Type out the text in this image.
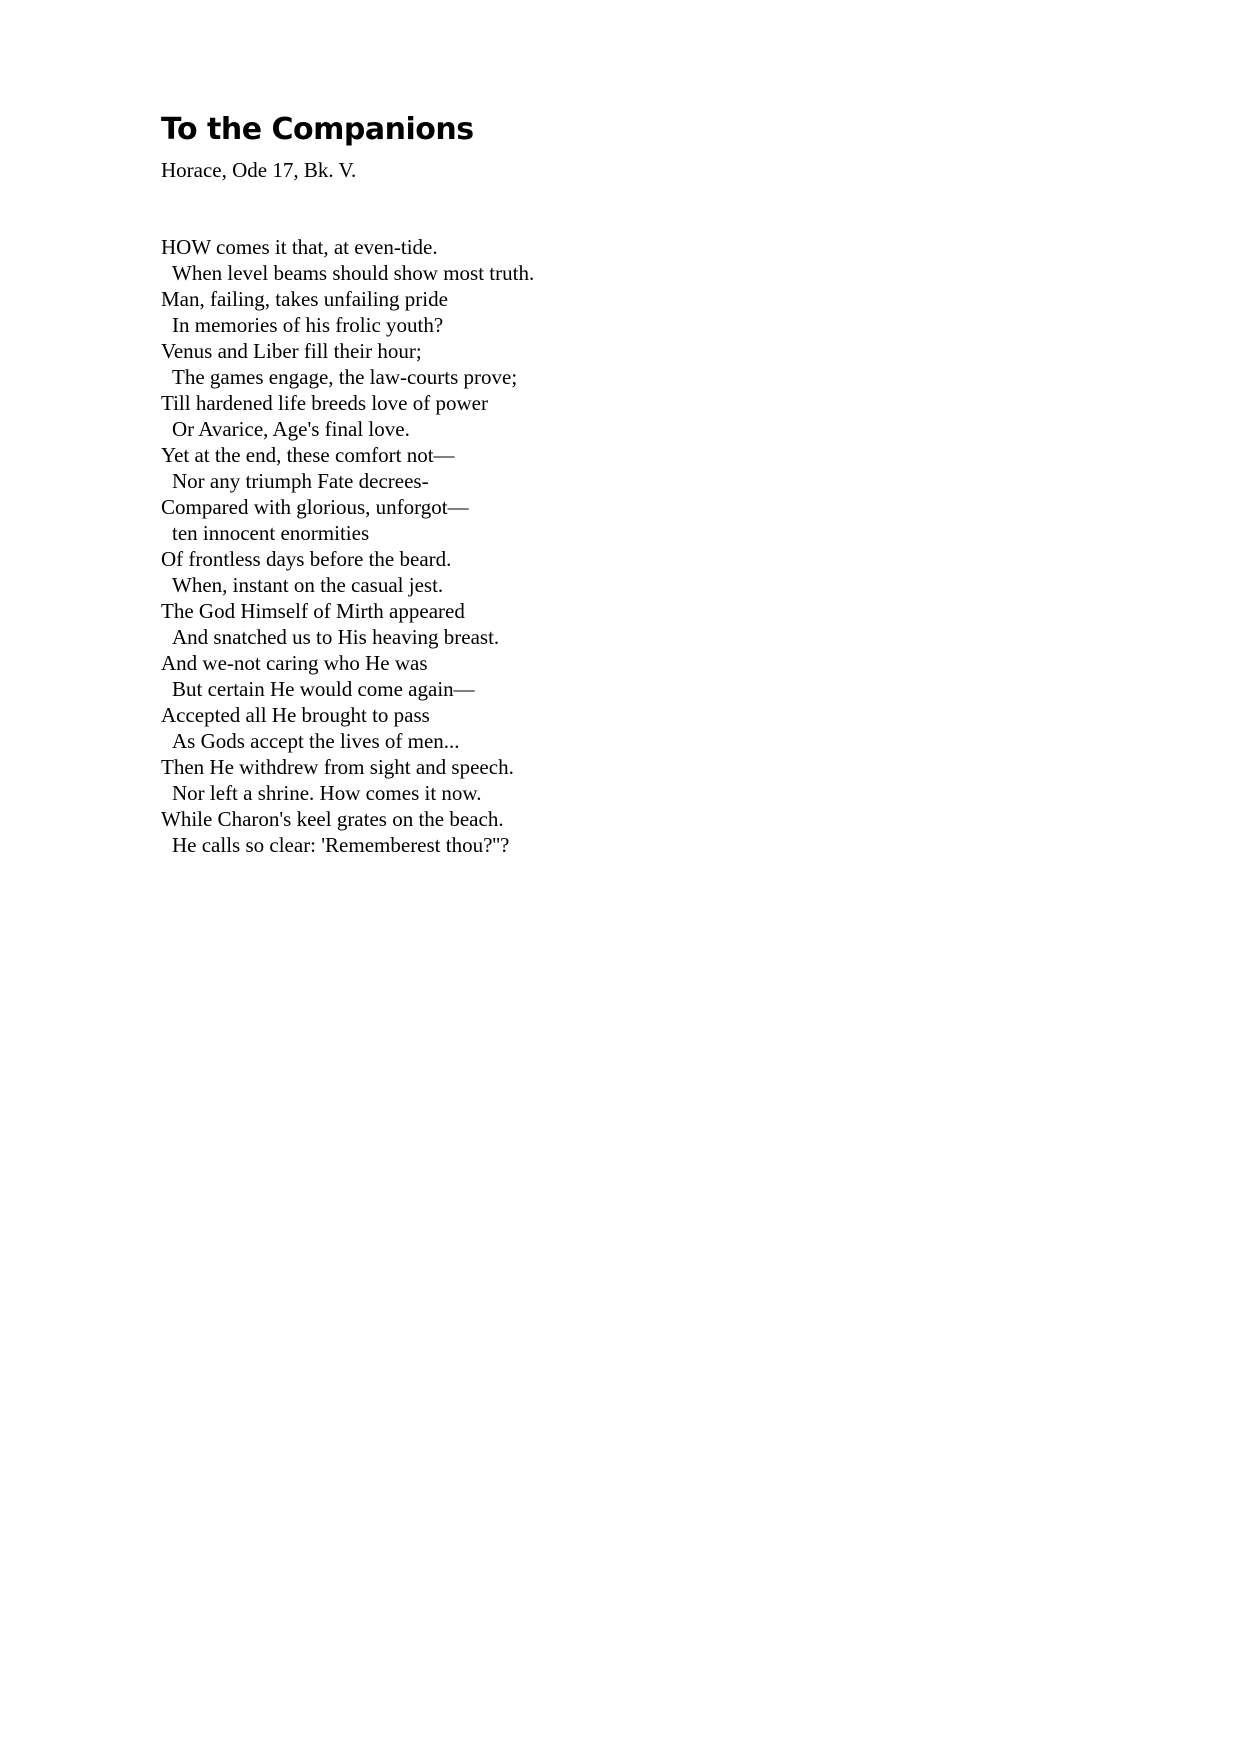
To the Companions

Horace, Ode 17, Bk. V.

HOW comes it that, at even-tide.
When level beams should show most truth.
Man, failing, takes unfailing pride
In memories of his frolic youth?
Venus and Liber fill their hour;
The games engage, the law-courts prove;
Till hardened life breeds love of power
Or Avarice, Age's final love.
Yet at the end, these comfort not—
Nor any triumph Fate decrees-
Compared with glorious, unforgot—
ten innocent enormities
Of frontless days before the beard.
When, instant on the casual jest.
The God Himself of Mirth appeared
And snatched us to His heaving breast.
And we-not caring who He was
But certain He would come again—
Accepted all He brought to pass
As Gods accept the lives of men...
Then He withdrew from sight and speech.
Nor left a shrine. How comes it now.
While Charon's keel grates on the beach.
He calls so clear: 'Rememberest thou?''?
